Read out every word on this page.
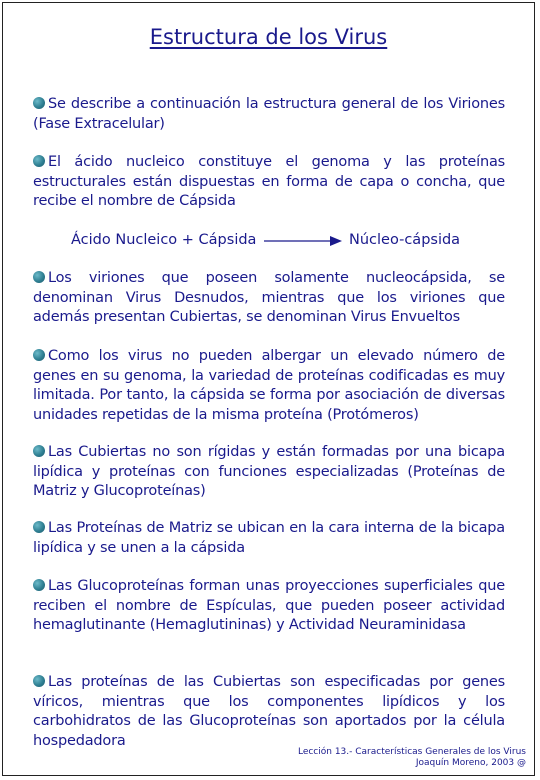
Estructura de los Virus
Se describe a continuación la estructura general de los Viriones (Fase Extracelular)
El ácido nucleico constituye el genoma y las proteínas estructurales están dispuestas en forma de capa o concha, que recibe el nombre de Cápsida
Ácido Nucleico + Cápsida	Núcleo-cápsida
Los viriones que poseen solamente nucleocápsida, se denominan Virus Desnudos, mientras que los viriones que además presentan Cubiertas, se denominan Virus Envueltos
Como los virus no pueden albergar un elevado número de genes en su genoma, la variedad de proteínas codificadas es muy limitada. Por tanto, la cápsida se forma por asociación de diversas unidades repetidas de la misma proteína (Protómeros)
Las Cubiertas no son rígidas y están formadas por una bicapa lipídica y proteínas con funciones especializadas (Proteínas de Matriz y Glucoproteínas)
Las Proteínas de Matriz se ubican en la cara interna de la bicapa lipídica y se unen a la cápsida
Las Glucoproteínas forman unas proyecciones superficiales que reciben el nombre de Espículas, que pueden poseer actividad hemaglutinante (Hemaglutininas) y Actividad Neuraminidasa
Las proteínas de las Cubiertas son especificadas por genes víricos, mientras que los componentes lipídicos y los carbohidratos de las Glucoproteínas son aportados por la célula hospedadora
Lección 13.- Características Generales de los Virus
Joaquín Moreno, 2003 @
